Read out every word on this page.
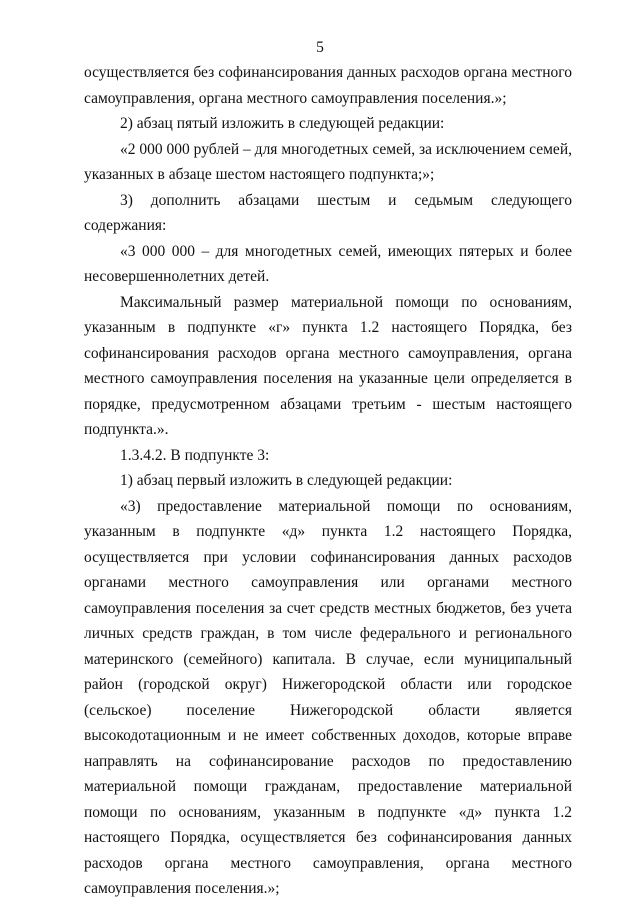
5

осуществляется без софинансирования данных расходов органа местного самоуправления, органа местного самоуправления поселения.»;

2) абзац пятый изложить в следующей редакции:

«2 000 000 рублей – для многодетных семей, за исключением семей, указанных в абзаце шестом настоящего подпункта;»;

3) дополнить абзацами шестым и седьмым следующего содержания:

«3 000 000 – для многодетных семей, имеющих пятерых и более несовершеннолетних детей.

Максимальный размер материальной помощи по основаниям, указанным в подпункте «г» пункта 1.2 настоящего Порядка, без софинансирования расходов органа местного самоуправления, органа местного самоуправления поселения на указанные цели определяется в порядке, предусмотренном абзацами третьим - шестым настоящего подпункта.».

1.3.4.2. В подпункте 3:

1) абзац первый изложить в следующей редакции:

«3) предоставление материальной помощи по основаниям, указанным в подпункте «д» пункта 1.2 настоящего Порядка, осуществляется при условии софинансирования данных расходов органами местного самоуправления или органами местного самоуправления поселения за счет средств местных бюджетов, без учета личных средств граждан, в том числе федерального и регионального материнского (семейного) капитала. В случае, если муниципальный район (городской округ) Нижегородской области или городское (сельское) поселение Нижегородской области является высокодотационным и не имеет собственных доходов, которые вправе направлять на софинансирование расходов по предоставлению материальной помощи гражданам, предоставление материальной помощи по основаниям, указанным в подпункте «д» пункта 1.2 настоящего Порядка, осуществляется без софинансирования данных расходов органа местного самоуправления, органа местного самоуправления поселения.»;
